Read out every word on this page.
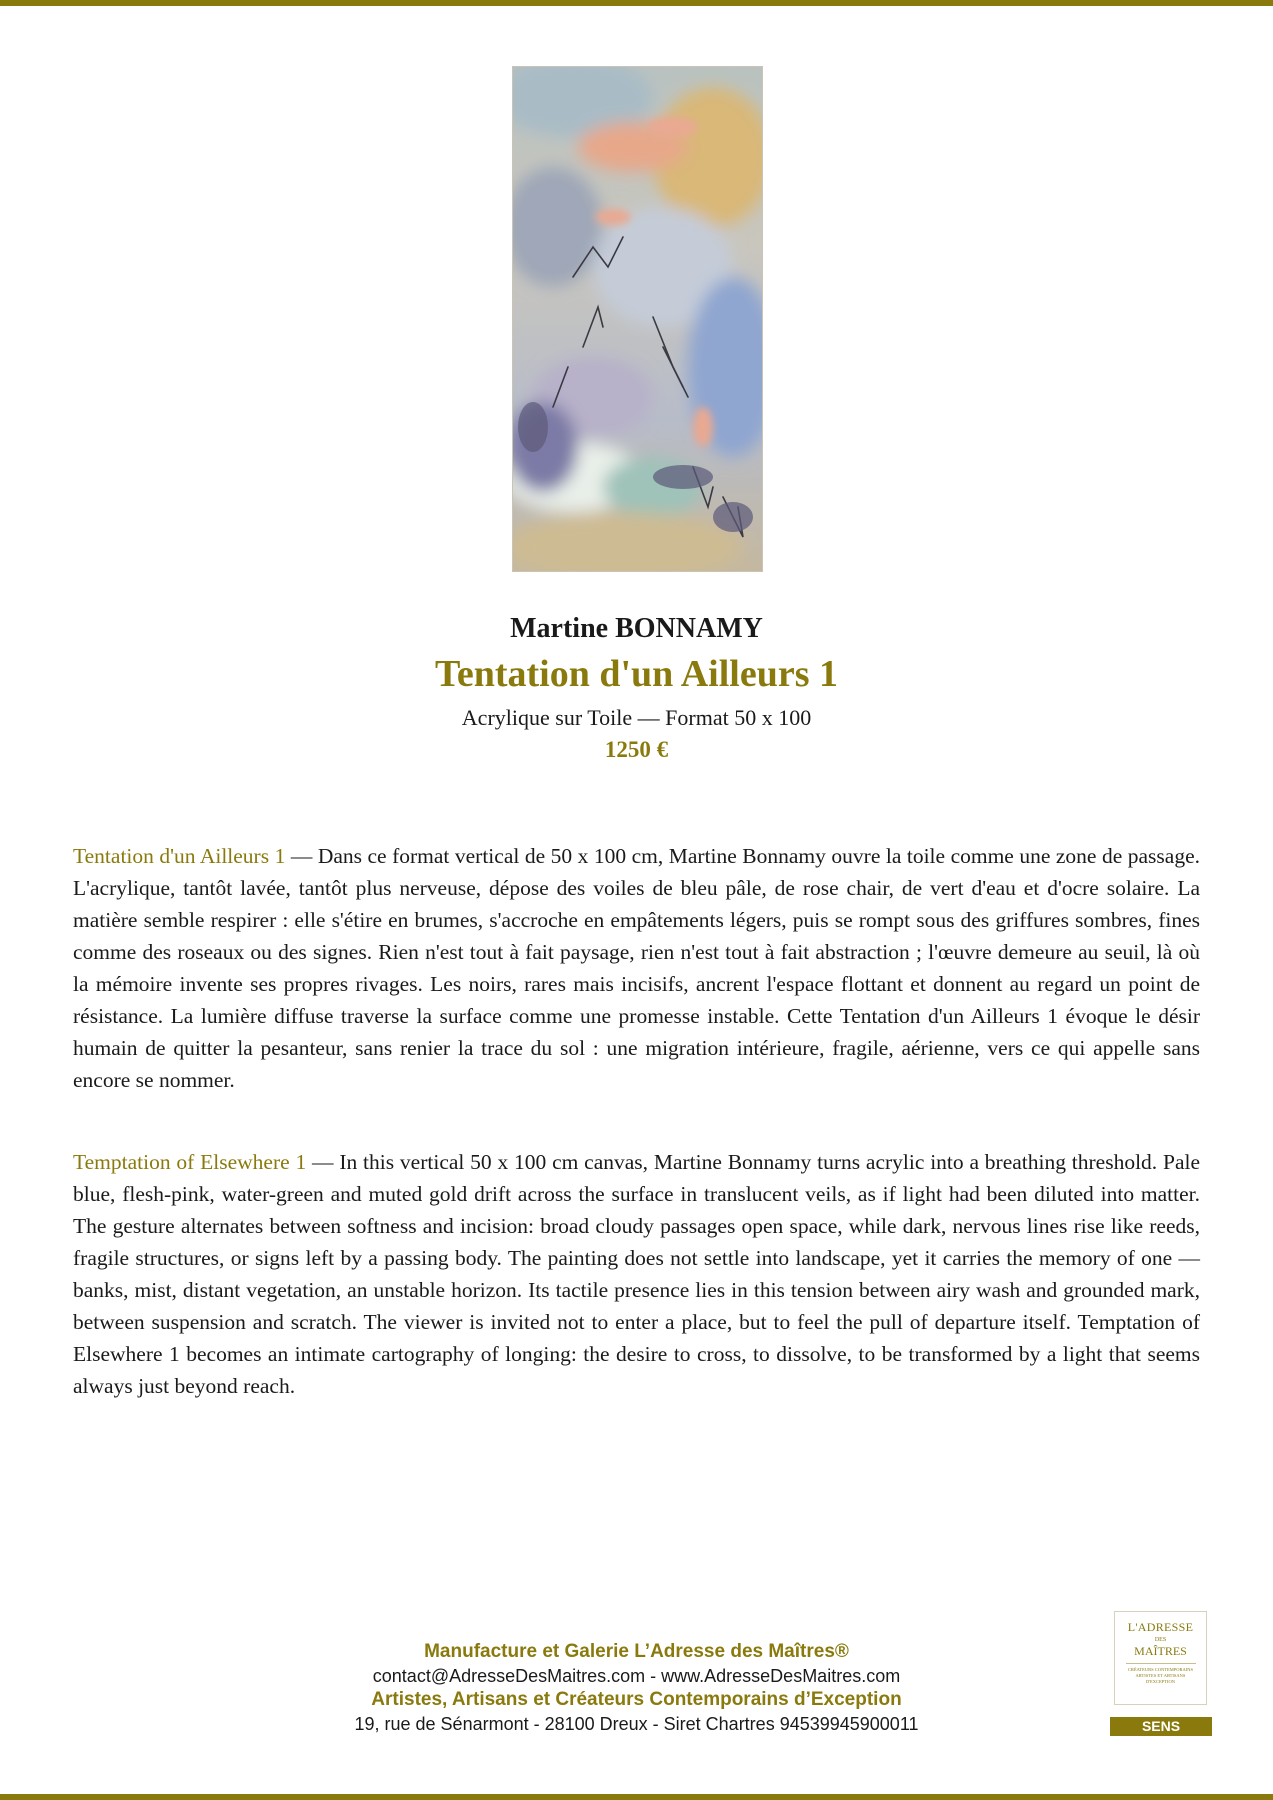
Martine BONNAMY
Tentation d'un Ailleurs 1
Acrylique sur Toile — Format 50 x 100
1250 €

Tentation d'un Ailleurs 1 — Dans ce format vertical de 50 x 100 cm, Martine Bonnamy ouvre la toile comme une zone de passage. L'acrylique, tantôt lavée, tantôt plus nerveuse, dépose des voiles de bleu pâle, de rose chair, de vert d'eau et d'ocre solaire. La matière semble respirer : elle s'étire en brumes, s'accroche en empâtements légers, puis se rompt sous des griffures sombres, fines comme des roseaux ou des signes. Rien n'est tout à fait paysage, rien n'est tout à fait abstraction ; l'œuvre demeure au seuil, là où la mémoire invente ses propres rivages. Les noirs, rares mais incisifs, ancrent l'espace flottant et donnent au regard un point de résistance. La lumière diffuse traverse la surface comme une promesse instable. Cette Tentation d'un Ailleurs 1 évoque le désir humain de quitter la pesanteur, sans renier la trace du sol : une migration intérieure, fragile, aérienne, vers ce qui appelle sans encore se nommer.

Temptation of Elsewhere 1 — In this vertical 50 x 100 cm canvas, Martine Bonnamy turns acrylic into a breathing threshold. Pale blue, flesh-pink, water-green and muted gold drift across the surface in translucent veils, as if light had been diluted into matter. The gesture alternates between softness and incision: broad cloudy passages open space, while dark, nervous lines rise like reeds, fragile structures, or signs left by a passing body. The painting does not settle into landscape, yet it carries the memory of one — banks, mist, distant vegetation, an unstable horizon. Its tactile presence lies in this tension between airy wash and grounded mark, between suspension and scratch. The viewer is invited not to enter a place, but to feel the pull of departure itself. Temptation of Elsewhere 1 becomes an intimate cartography of longing: the desire to cross, to dissolve, to be transformed by a light that seems always just beyond reach.

Manufacture et Galerie L’Adresse des Maîtres®
contact@AdresseDesMaitres.com - www.AdresseDesMaitres.com
Artistes, Artisans et Créateurs Contemporains d’Exception
19, rue de Sénarmont - 28100 Dreux - Siret Chartres 94539945900011
L'ADRESSE
DES
MAÎTRES
CRÉATEURS CONTEMPORAINS ARTISTES ET ARTISANS D'EXCEPTION
SENS
